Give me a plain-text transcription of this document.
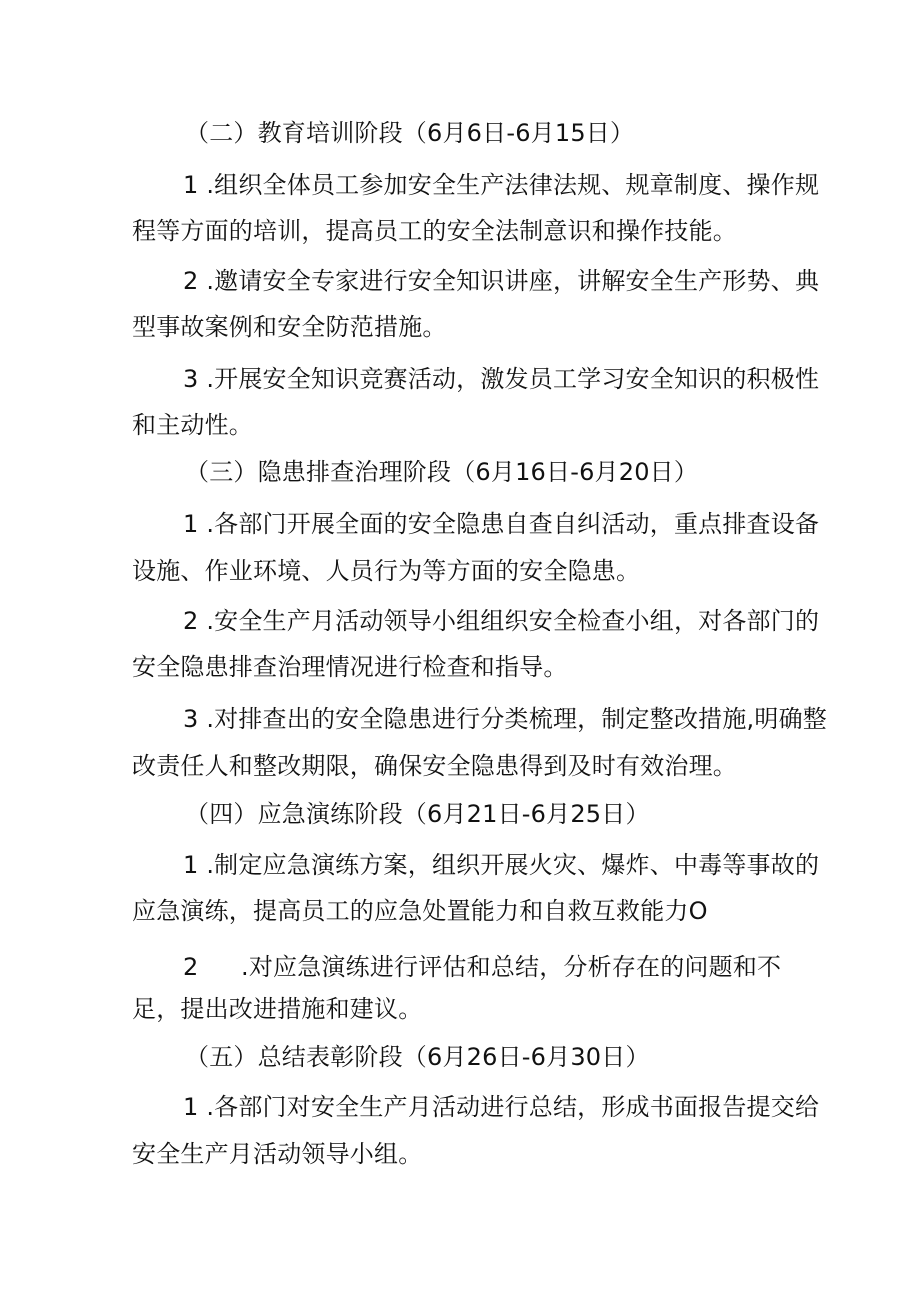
（二）教育培训阶段（6月6日-6月15日）
1 .组织全体员工参加安全生产法律法规、规章制度、操作规
程等方面的培训，提高员工的安全法制意识和操作技能。
2 .邀请安全专家进行安全知识讲座，讲解安全生产形势、典
型事故案例和安全防范措施。
3 .开展安全知识竞赛活动，激发员工学习安全知识的积极性
和主动性。
（三）隐患排查治理阶段（6月16日-6月20日）
1 .各部门开展全面的安全隐患自查自纠活动，重点排査设备
设施、作业环境、人员行为等方面的安全隐患。
2 .安全生产月活动领导小组组织安全检查小组，对各部门的
安全隐患排查治理情况进行检查和指导。
3 .对排查出的安全隐患进行分类梳理，制定整改措施,明确整
改责任人和整改期限，确保安全隐患得到及时有效治理。
（四）应急演练阶段（6月21日-6月25日）
1 .制定应急演练方案，组织开展火灾、爆炸、中毒等事故的
应急演练，提高员工的应急处置能力和自救互救能力O
2 .对应急演练进行评估和总结，分析存在的问题和不
足，提出改进措施和建议。
（五）总结表彰阶段（6月26日-6月30日）
1 .各部门对安全生产月活动进行总结，形成书面报告提交给
安全生产月活动领导小组。
